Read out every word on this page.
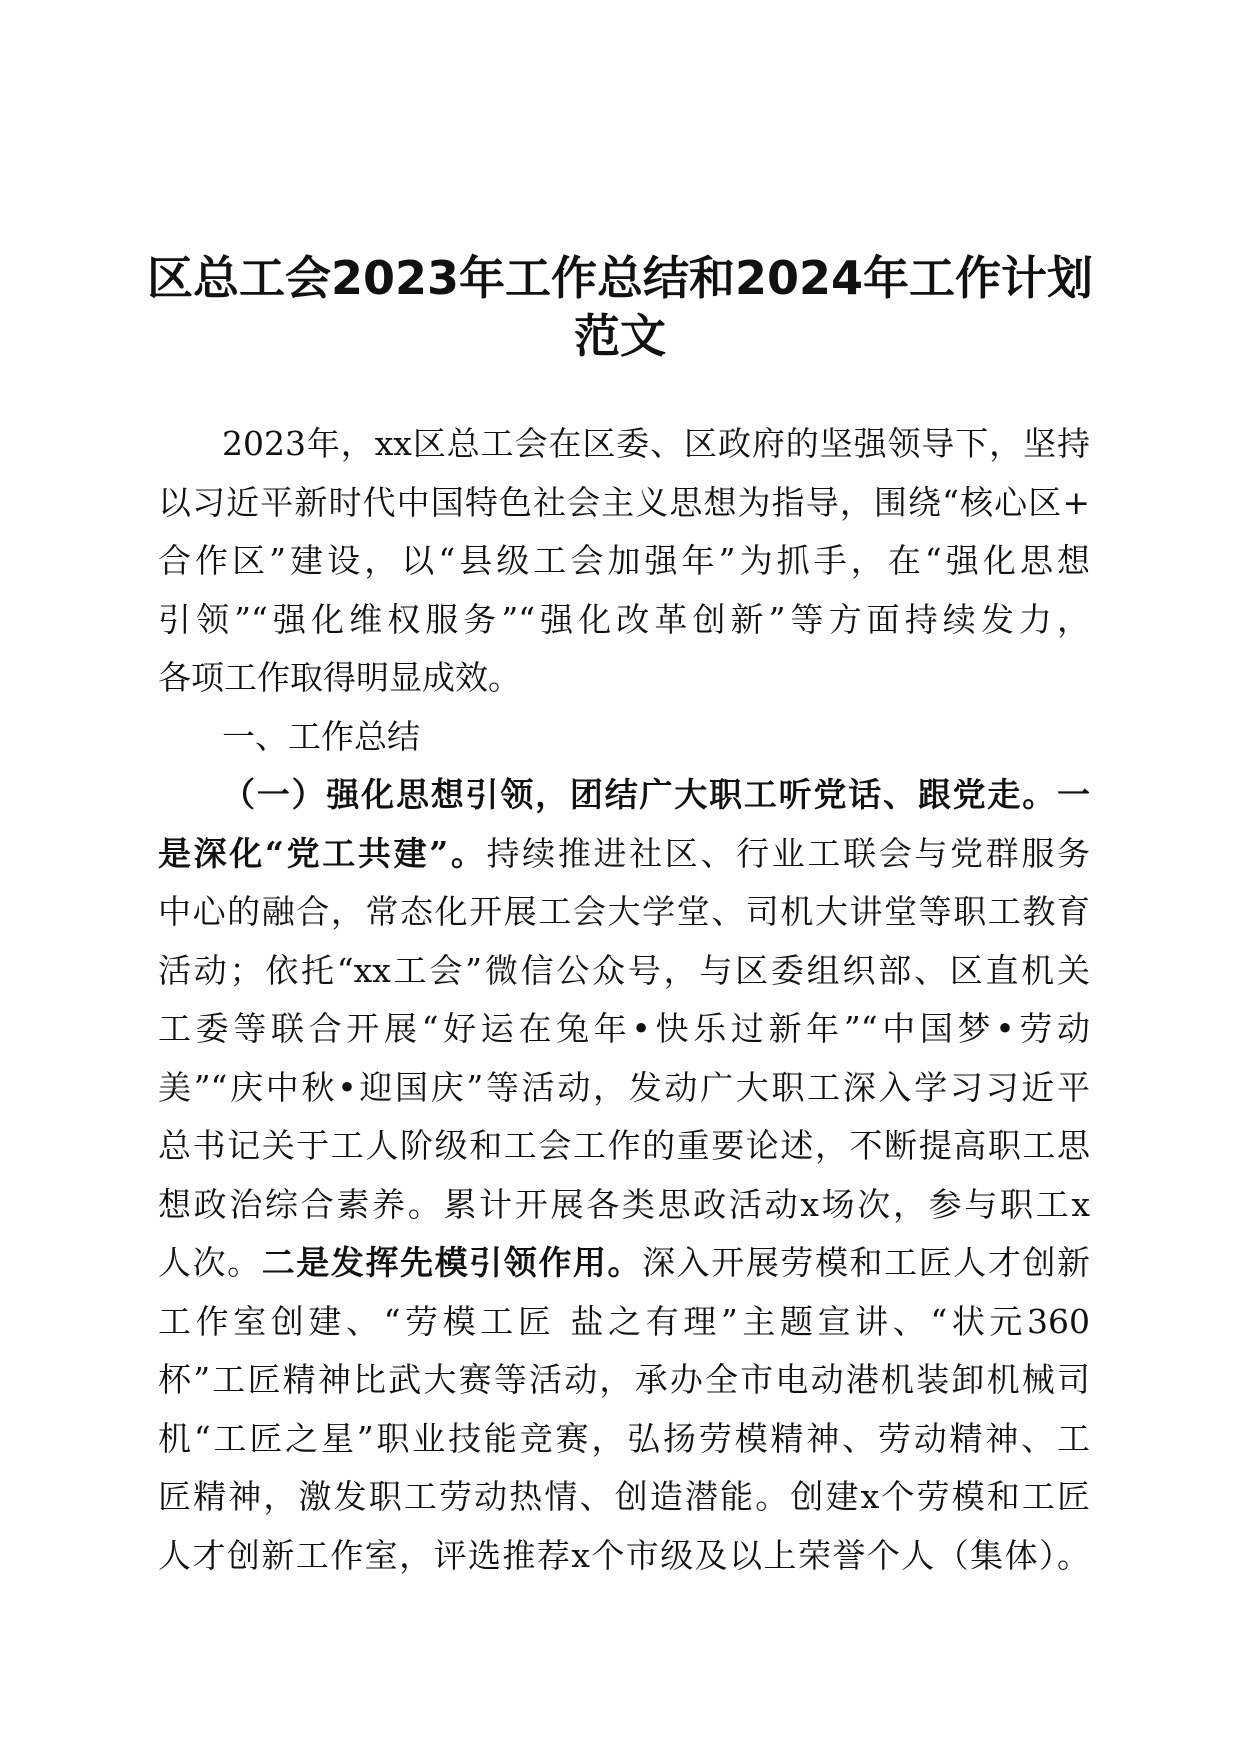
区总工会2023年工作总结和2024年工作计划
范文
2023年，xx区总工会在区委、区政府的坚强领导下，坚持
以习近平新时代中国特色社会主义思想为指导，围绕“核心区+
合作区”建设，以“县级工会加强年”为抓手，在“强化思想
引领”“强化维权服务”“强化改革创新”等方面持续发力，
各项工作取得明显成效。
一、工作总结
（一）强化思想引领，团结广大职工听党话、跟党走。一
是深化“党工共建”。持续推进社区、行业工联会与党群服务
中心的融合，常态化开展工会大学堂、司机大讲堂等职工教育
活动；依托“xx工会”微信公众号，与区委组织部、区直机关
工委等联合开展“好运在兔年•快乐过新年”“中国梦•劳动
美”“庆中秋•迎国庆”等活动，发动广大职工深入学习习近平
总书记关于工人阶级和工会工作的重要论述，不断提高职工思
想政治综合素养。累计开展各类思政活动x场次，参与职工x
人次。二是发挥先模引领作用。深入开展劳模和工匠人才创新
工作室创建、“劳模工匠 盐之有理”主题宣讲、“状元360
杯”工匠精神比武大赛等活动，承办全市电动港机装卸机械司
机“工匠之星”职业技能竞赛，弘扬劳模精神、劳动精神、工
匠精神，激发职工劳动热情、创造潜能。创建x个劳模和工匠
人才创新工作室，评选推荐x个市级及以上荣誉个人（集体）。
